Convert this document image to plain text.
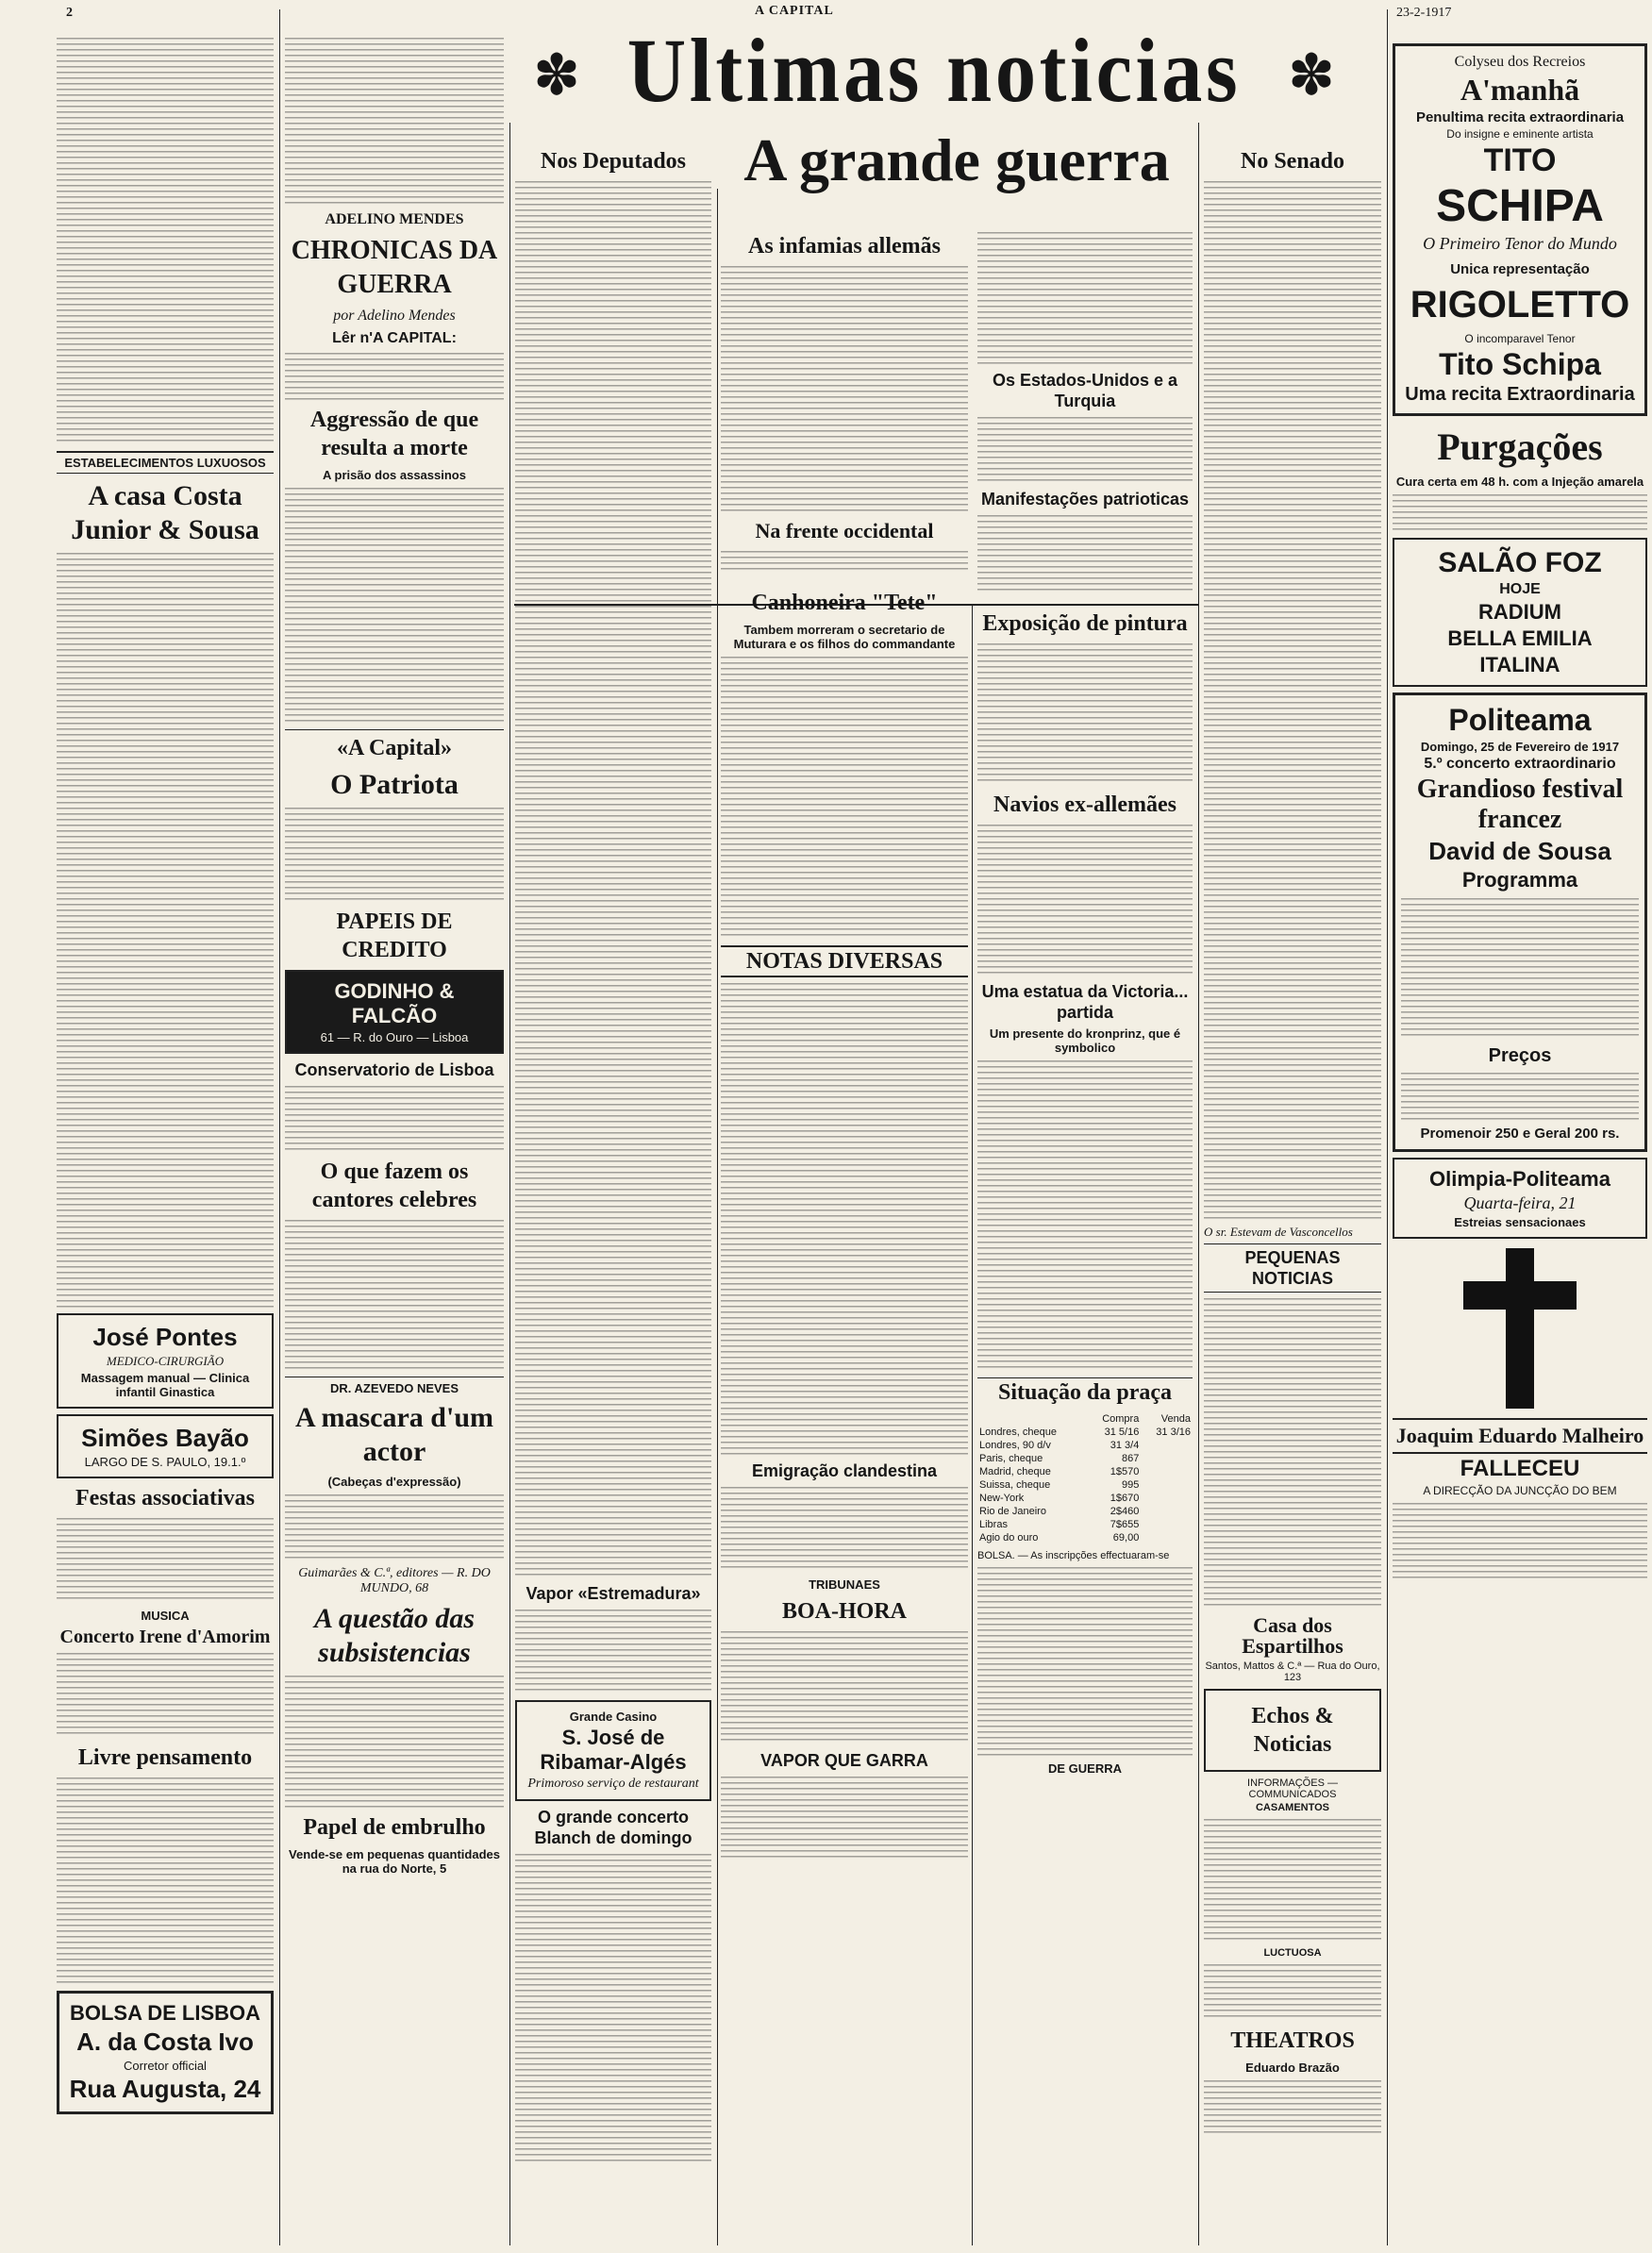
2	A CAPITAL	23-2-1917
✽	✽
Ultimas noticias
ESTABELECIMENTOS LUXUOSOS
A casa Costa Junior & Sousa
José Pontes
MEDICO-CIRURGIÃO
Massagem manual — Clinica infantil Ginastica
Simões Bayão
LARGO DE S. PAULO, 19.1.º
Festas associativas
MUSICA
Concerto Irene d'Amorim
Livre pensamento
BOLSA DE LISBOA
A. da Costa Ivo
Corretor official
Rua Augusta, 24
ADELINO MENDES
CHRONICAS DA GUERRA
por Adelino Mendes
Lêr n'A CAPITAL:
Aggressão de que resulta a morte
A prisão dos assassinos
«A Capital»
O Patriota
PAPEIS DE CREDITO
GODINHO & FALCÃO
61 — R. do Ouro — Lisboa
Conservatorio de Lisboa
O que fazem os cantores celebres
DR. AZEVEDO NEVES
A mascara d'um actor
(Cabeças d'expressão)
Guimarães & C.ª, editores — R. DO MUNDO, 68
A questão das subsistencias
Papel de embrulho
Vende-se em pequenas quantidades na rua do Norte, 5
Nos Deputados
Vapor «Estremadura»
Grande Casino
S. José de Ribamar-Algés
Primoroso serviço de restaurant
O grande concerto Blanch de domingo
A grande guerra
As infamias allemãs
Na frente occidental
Canhoneira "Tete"
Tambem morreram o secretario de Muturara e os filhos do commandante
NOTAS DIVERSAS
Emigração clandestina
TRIBUNAES
BOA-HORA
VAPOR QUE GARRA
Os Estados-Unidos e a Turquia
Manifestações patrioticas
Exposição de pintura
Navios ex-allemães
Uma estatua da Victoria... partida
Um presente do kronprinz, que é symbolico
Situação da praça
	Compra	Venda
Londres, cheque	31 5/16	31 3/16
Londres, 90 d/v	31 3/4	
Paris, cheque	867	
Madrid, cheque	1$570	
Suissa, cheque	995	
New-York	1$670	
Rio de Janeiro	2$460	
Libras	7$655	
Agio do ouro	69,00	
BOLSA. — As inscripções effectuaram-se
DE GUERRA
No Senado
O sr. Estevam de Vasconcellos
PEQUENAS NOTICIAS
Casa dos Espartilhos
Santos, Mattos & C.ª — Rua do Ouro, 123
Echos & Noticias
INFORMAÇÕES — COMMUNICADOS
CASAMENTOS
LUCTUOSA
THEATROS
Eduardo Brazão
Colyseu dos Recreios
A'manhã
Penultima recita extraordinaria
Do insigne e eminente artista
TITO
SCHIPA
O Primeiro Tenor do Mundo
Unica representação
RIGOLETTO
O incomparavel Tenor
Tito Schipa
Uma recita Extraordinaria
Purgações
Cura certa em 48 h. com a Injeção amarela
SALÃO FOZ
HOJE
RADIUM
BELLA EMILIA
ITALINA
Politeama
Domingo, 25 de Fevereiro de 1917
5.º concerto extraordinario
Grandioso festival francez
David de Sousa
Programma
Preços
Promenoir 250 e Geral 200 rs.
Olimpia-Politeama
Quarta-feira, 21
Estreias sensacionaes
Joaquim Eduardo Malheiro
FALLECEU
A DIRECÇÃO DA JUNCÇÃO DO BEM
